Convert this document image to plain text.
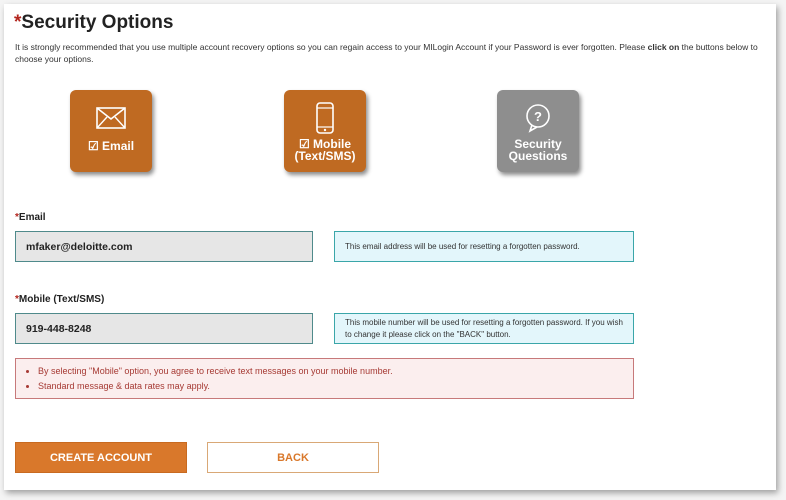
*Security Options
It is strongly recommended that you use multiple account recovery options so you can regain access to your MILogin Account if your Password is ever forgotten. Please click on the buttons below to choose your options.
☑ Email	☑ Mobile
(Text/SMS)
?
Security
Questions
*Email
mfaker@deloitte.com	This email address will be used for resetting a forgotten password.
*Mobile (Text/SMS)
919-448-8248
This mobile number will be used for resetting a forgotten password. If you wish to change it please click on the "BACK" button.
• By selecting "Mobile" option, you agree to receive text messages on your mobile number.
• Standard message & data rates may apply.
CREATE ACCOUNT	BACK
